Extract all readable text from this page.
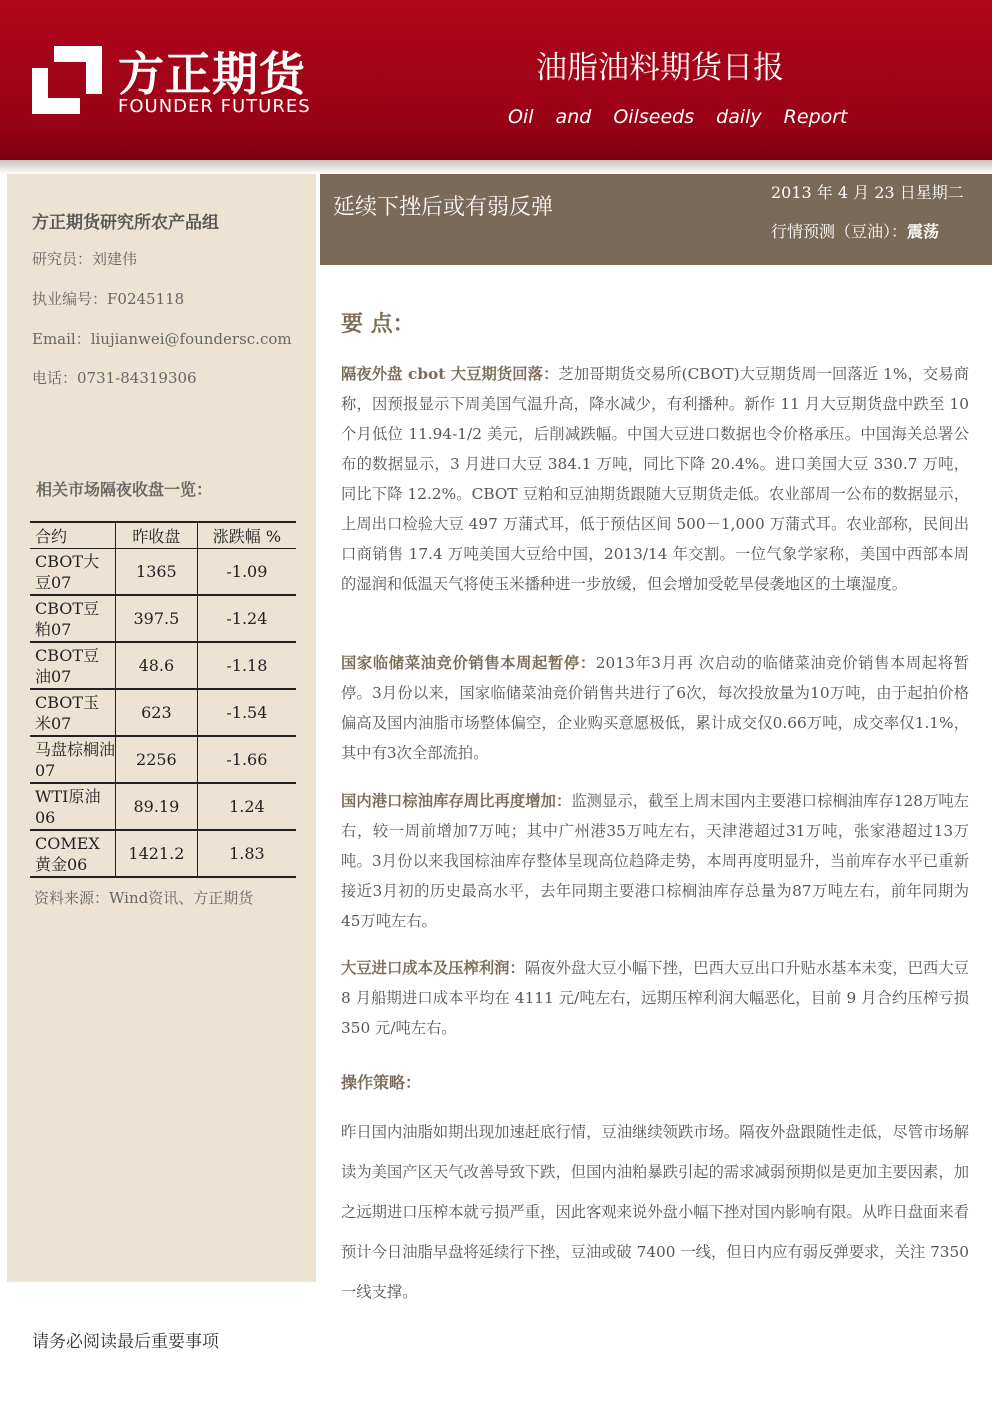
方正期货
FOUNDER FUTURES
油脂油料期货日报
Oil and Oilseeds daily Report
方正期货研究所农产品组
研究员：刘建伟
执业编号：F0245118
Email：liujianwei@foundersc.com
电话：0731-84319306
相关市场隔夜收盘一览：
合约	昨收盘	涨跌幅 %
CBOT大豆07	1365	-1.09
CBOT豆粕07	397.5	-1.24
CBOT豆油07	48.6	-1.18
CBOT玉米07	623	-1.54
马盘棕榈油07	2256	-1.66
WTI原油06	89.19	1.24
COMEX黄金06	1421.2	1.83
资料来源：Wind资讯、方正期货
延续下挫后或有弱反弹
2013 年 4 月 23 日星期二
行情预测（豆油）：震荡
要 点：

隔夜外盘 cbot 大豆期货回落：芝加哥期货交易所(CBOT)大豆期货周一回落近 1%，交易商称，因预报显示下周美国气温升高，降水减少，有利播种。新作 11 月大豆期货盘中跌至 10 个月低位 11.94-1/2 美元，后削减跌幅。中国大豆进口数据也令价格承压。中国海关总署公布的数据显示，3 月进口大豆 384.1 万吨，同比下降 20.4%。进口美国大豆 330.7 万吨，同比下降 12.2%。CBOT 豆粕和豆油期货跟随大豆期货走低。农业部周一公布的数据显示，上周出口检验大豆 497 万蒲式耳，低于预估区间 500－1,000 万蒲式耳。农业部称，民间出口商销售 17.4 万吨美国大豆给中国，2013/14 年交割。一位气象学家称，美国中西部本周的湿润和低温天气将使玉米播种进一步放缓，但会增加受乾旱侵袭地区的土壤湿度。

国家临储菜油竞价销售本周起暂停：2013年3月再 次启动的临储菜油竞价销售本周起将暂停。3月份以来，国家临储菜油竞价销售共进行了6次，每次投放量为10万吨，由于起拍价格偏高及国内油脂市场整体偏空，企业购买意愿极低，累计成交仅0.66万吨，成交率仅1.1%，其中有3次全部流拍。

国内港口棕油库存周比再度增加：监测显示，截至上周末国内主要港口棕榈油库存128万吨左右，较一周前增加7万吨；其中广州港35万吨左右，天津港超过31万吨，张家港超过13万吨。3月份以来我国棕油库存整体呈现高位趋降走势，本周再度明显升，当前库存水平已重新接近3月初的历史最高水平，去年同期主要港口棕榈油库存总量为87万吨左右，前年同期为45万吨左右。

大豆进口成本及压榨利润：隔夜外盘大豆小幅下挫，巴西大豆出口升贴水基本未变，巴西大豆 8 月船期进口成本平均在 4111 元/吨左右，远期压榨利润大幅恶化，目前 9 月合约压榨亏损 350 元/吨左右。

操作策略：

昨日国内油脂如期出现加速赶底行情，豆油继续领跌市场。隔夜外盘跟随性走低，尽管市场解读为美国产区天气改善导致下跌，但国内油粕暴跌引起的需求减弱预期似是更加主要因素，加之远期进口压榨本就亏损严重，因此客观来说外盘小幅下挫对国内影响有限。从昨日盘面来看预计今日油脂早盘将延续行下挫，豆油或破 7400 一线，但日内应有弱反弹要求，关注 7350 一线支撑。

请务必阅读最后重要事项
